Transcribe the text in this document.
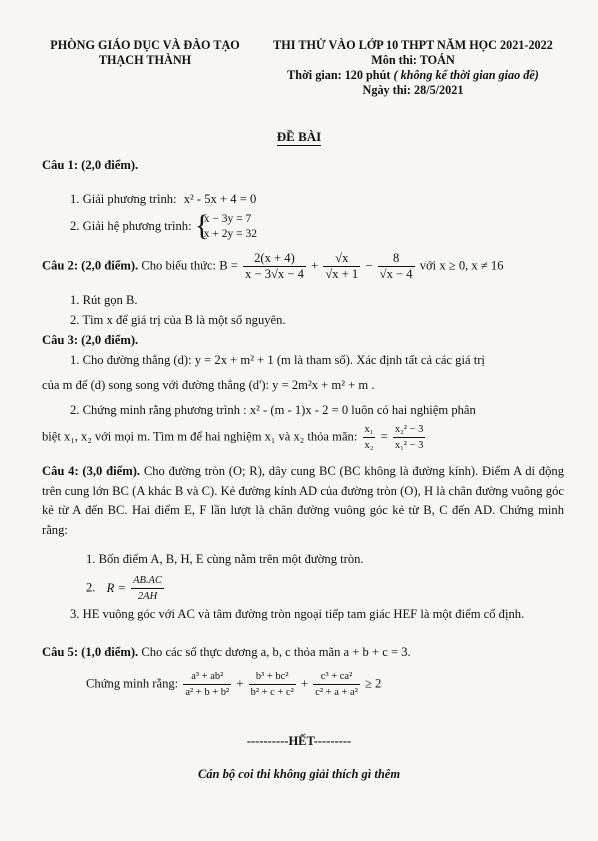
PHÒNG GIÁO DỤC VÀ ĐÀO TẠO
THẠCH THÀNH
THI THỬ VÀO LỚP 10 THPT NĂM HỌC 2021-2022
Môn thi: TOÁN
Thời gian: 120 phút ( không kể thời gian giao đề)
Ngày thi: 28/5/2021
ĐỀ BÀI
Câu 1: (2,0 điểm).
1. Giải phương trình: x² - 5x + 4 = 0
2. Giải hệ phương trình: {
x − 3y = 7
x + 2y = 32
Câu 2: (2,0 điểm). Cho biểu thức: $B = \frac{2(x + 4)}{x - 3√x - 4} + \frac{√x}{√x + 1} - \frac{8}{√x - 4}$ với x ≥ 0, x ≠ 16
1. Rút gọn B.
2. Tìm x để giá trị của B là một số nguyên.
Câu 3: (2,0 điểm).
1. Cho đường thẳng (d): y = 2x + m² + 1 (m là tham số). Xác định tất cả các giá trị
của m để (d) song song với đường thẳng (d'): y = 2m²x + m² + m .
2. Chứng minh rằng phương trình : x² - (m - 1)x - 2 = 0 luôn có hai nghiệm phân
biệt x₁, x₂ với mọi m. Tìm m để hai nghiệm x₁ và x₂ thỏa mãn: $\frac{\text{x₁}}{\text{x₂}} = \frac{\text{x₂² − 3}}{\text{x₁² − 3}}$
Câu 4: (3,0 điểm). Cho đường tròn (O; R), dây cung BC (BC không là đường kính). Điểm A di động trên cung lớn BC (A khác B và C). Kẻ đường kính AD của đường tròn (O), H là chân đường vuông góc kẻ từ A đến BC. Hai điểm E, F lần lượt là chân đường vuông góc kẻ từ B, C đến AD. Chứng minh rằng:
1. Bốn điểm A, B, H, E cùng nằm trên một đường tròn.
2. $R = \frac{AB.AC}{2AH}$
3. HE vuông góc với AC và tâm đường tròn ngoại tiếp tam giác HEF là một điểm cố định.
Câu 5: (1,0 điểm). Cho các số thực dương a, b, c thỏa mãn a + b + c = 3.
Chứng minh rằng: $\frac{\text{a³ + ab²}}{\text{a² + b + b²}} + \frac{\text{b³ + bc²}}{\text{b² + c + c²}} + \frac{\text{c³ + ca²}}{\text{c² + a + a²}} \ge 2$
----------HẾT---------
Cán bộ coi thi không giải thích gì thêm
